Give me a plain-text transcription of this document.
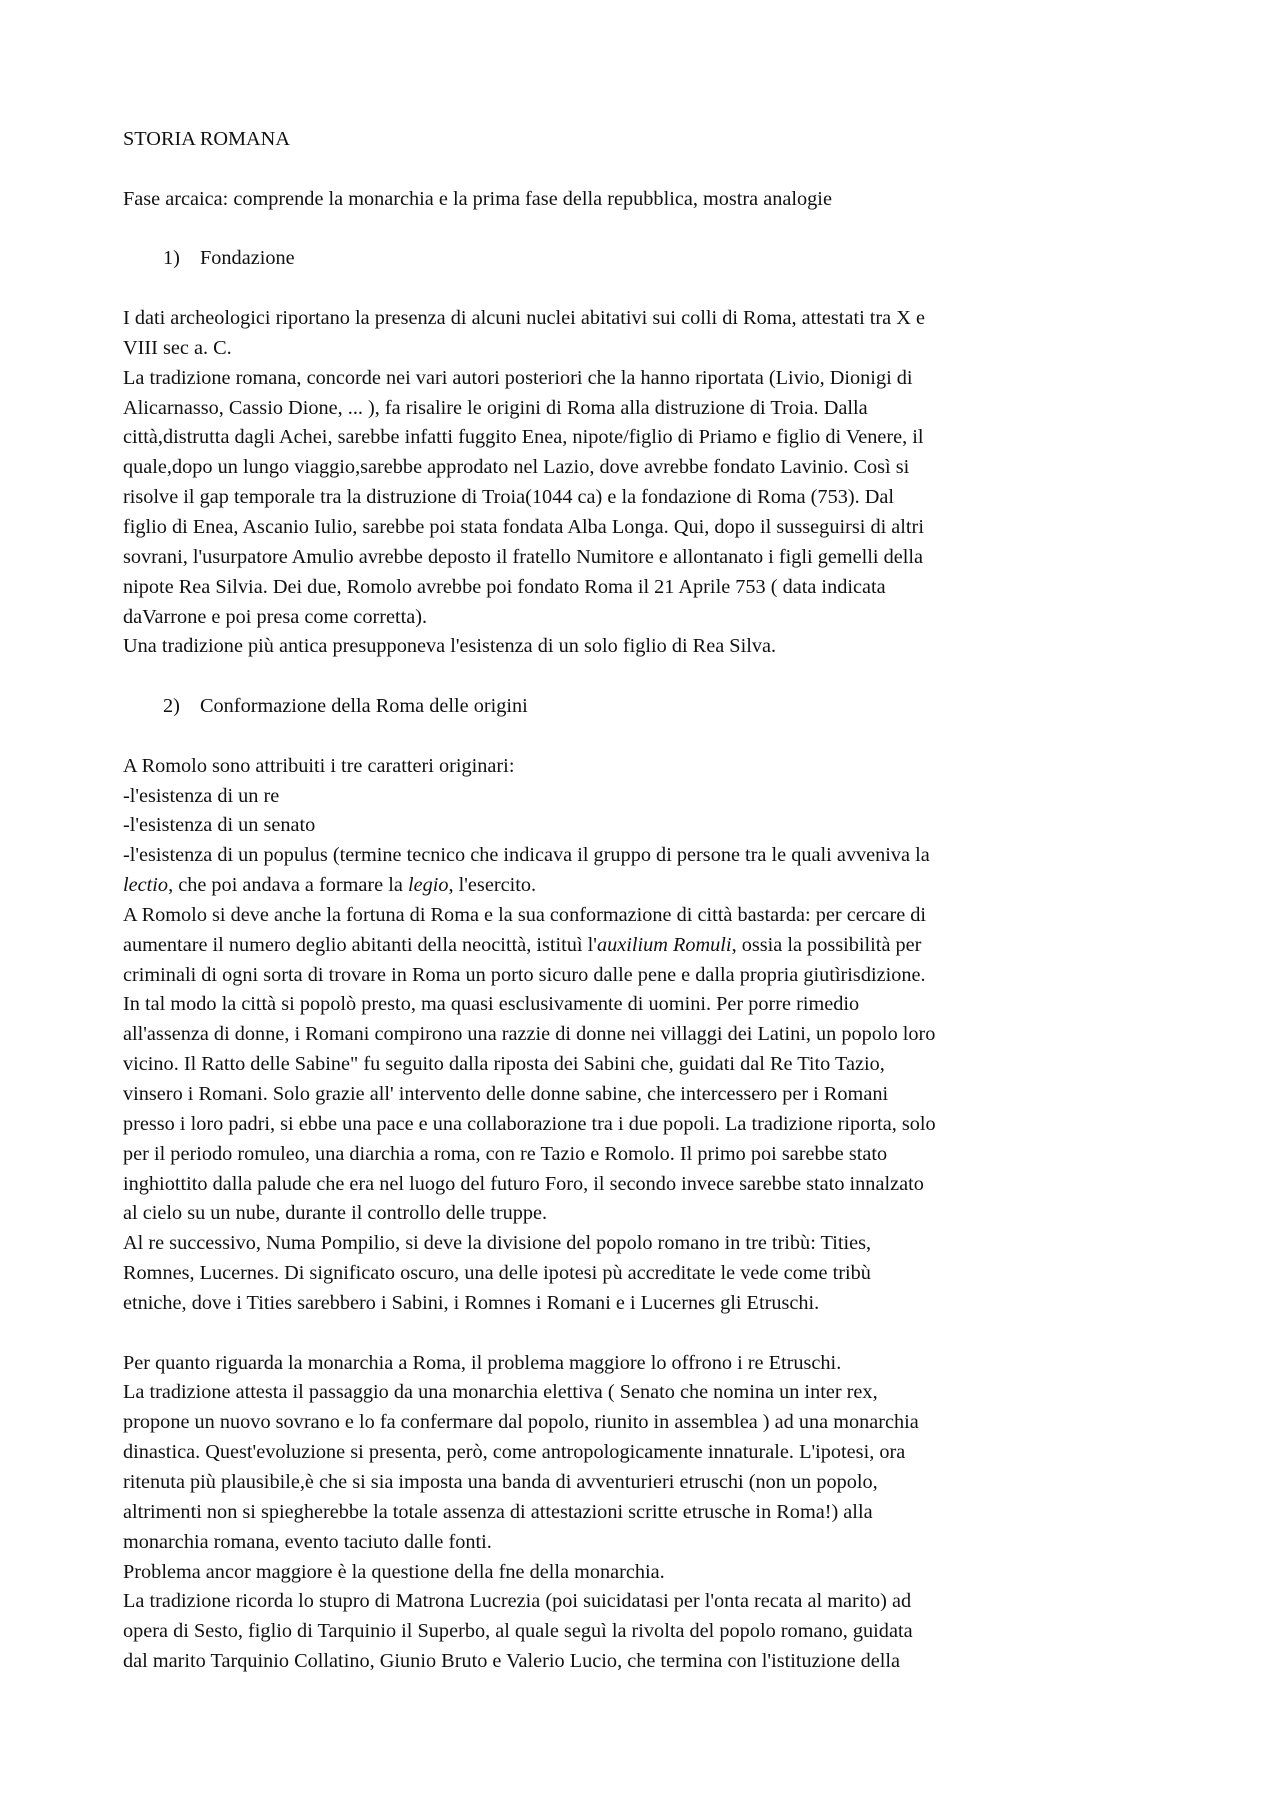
STORIA ROMANA
Fase arcaica: comprende la monarchia e la prima fase della repubblica, mostra analogie
1) Fondazione
I dati archeologici riportano la presenza di alcuni nuclei abitativi sui colli di Roma, attestati tra X e
VIII sec a. C.
La tradizione romana, concorde nei vari autori posteriori che la hanno riportata (Livio, Dionigi di
Alicarnasso, Cassio Dione, ... ), fa risalire le origini di Roma alla distruzione di Troia. Dalla
città,distrutta dagli Achei, sarebbe infatti fuggito Enea, nipote/figlio di Priamo e figlio di Venere, il
quale,dopo un lungo viaggio,sarebbe approdato nel Lazio, dove avrebbe fondato Lavinio. Così si
risolve il gap temporale tra la distruzione di Troia(1044 ca) e la fondazione di Roma (753). Dal
figlio di Enea, Ascanio Iulio, sarebbe poi stata fondata Alba Longa. Qui, dopo il susseguirsi di altri
sovrani, l'usurpatore Amulio avrebbe deposto il fratello Numitore e allontanato i figli gemelli della
nipote Rea Silvia. Dei due, Romolo avrebbe poi fondato Roma il 21 Aprile 753 ( data indicata
daVarrone e poi presa come corretta).
Una tradizione più antica presupponeva l'esistenza di un solo figlio di Rea Silva.
2) Conformazione della Roma delle origini
A Romolo sono attribuiti i tre caratteri originari:
-l'esistenza di un re
-l'esistenza di un senato
-l'esistenza di un populus (termine tecnico che indicava il gruppo di persone tra le quali avveniva la
lectio, che poi andava a formare la legio, l'esercito.
A Romolo si deve anche la fortuna di Roma e la sua conformazione di città bastarda: per cercare di
aumentare il numero deglio abitanti della neocittà, istituì l'auxilium Romuli, ossia la possibilità per
criminali di ogni sorta di trovare in Roma un porto sicuro dalle pene e dalla propria giutìrisdizione.
In tal modo la città si popolò presto, ma quasi esclusivamente di uomini. Per porre rimedio
all'assenza di donne, i Romani compirono una razzie di donne nei villaggi dei Latini, un popolo loro
vicino. Il Ratto delle Sabine" fu seguito dalla riposta dei Sabini che, guidati dal Re Tito Tazio,
vinsero i Romani. Solo grazie all' intervento delle donne sabine, che intercessero per i Romani
presso i loro padri, si ebbe una pace e una collaborazione tra i due popoli. La tradizione riporta, solo
per il periodo romuleo, una diarchia a roma, con re Tazio e Romolo. Il primo poi sarebbe stato
inghiottito dalla palude che era nel luogo del futuro Foro, il secondo invece sarebbe stato innalzato
al cielo su un nube, durante il controllo delle truppe.
Al re successivo, Numa Pompilio, si deve la divisione del popolo romano in tre tribù: Tities,
Romnes, Lucernes. Di significato oscuro, una delle ipotesi pù accreditate le vede come tribù
etniche, dove i Tities sarebbero i Sabini, i Romnes i Romani e i Lucernes gli Etruschi.
Per quanto riguarda la monarchia a Roma, il problema maggiore lo offrono i re Etruschi.
La tradizione attesta il passaggio da una monarchia elettiva ( Senato che nomina un inter rex,
propone un nuovo sovrano e lo fa confermare dal popolo, riunito in assemblea ) ad una monarchia
dinastica. Quest'evoluzione si presenta, però, come antropologicamente innaturale. L'ipotesi, ora
ritenuta più plausibile,è che si sia imposta una banda di avventurieri etruschi (non un popolo,
altrimenti non si spiegherebbe la totale assenza di attestazioni scritte etrusche in Roma!) alla
monarchia romana, evento taciuto dalle fonti.
Problema ancor maggiore è la questione della fne della monarchia.
La tradizione ricorda lo stupro di Matrona Lucrezia (poi suicidatasi per l'onta recata al marito) ad
opera di Sesto, figlio di Tarquinio il Superbo, al quale seguì la rivolta del popolo romano, guidata
dal marito Tarquinio Collatino, Giunio Bruto e Valerio Lucio, che termina con l'istituzione della
